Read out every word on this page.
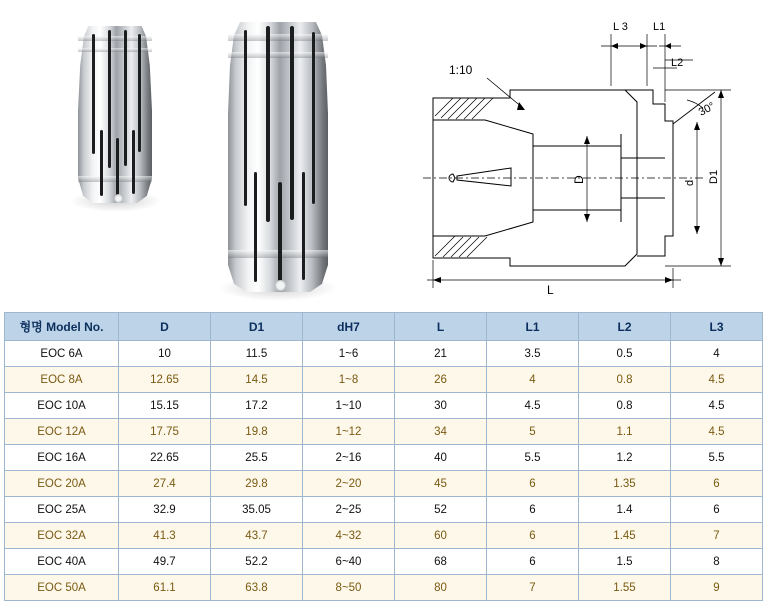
1:10
L 3 L1
L2
30°
D	d D1
L
형명 Model No.	D	D1	dH7	L	L1	L2	L3
EOC 6A	10	11.5	1~6	21	3.5	0.5	4
EOC 8A	12.65	14.5	1~8	26	4	0.8	4.5
EOC 10A	15.15	17.2	1~10	30	4.5	0.8	4.5
EOC 12A	17.75	19.8	1~12	34	5	1.1	4.5
EOC 16A	22.65	25.5	2~16	40	5.5	1.2	5.5
EOC 20A	27.4	29.8	2~20	45	6	1.35	6
EOC 25A	32.9	35.05	2~25	52	6	1.4	6
EOC 32A	41.3	43.7	4~32	60	6	1.45	7
EOC 40A	49.7	52.2	6~40	68	6	1.5	8
EOC 50A	61.1	63.8	8~50	80	7	1.55	9
